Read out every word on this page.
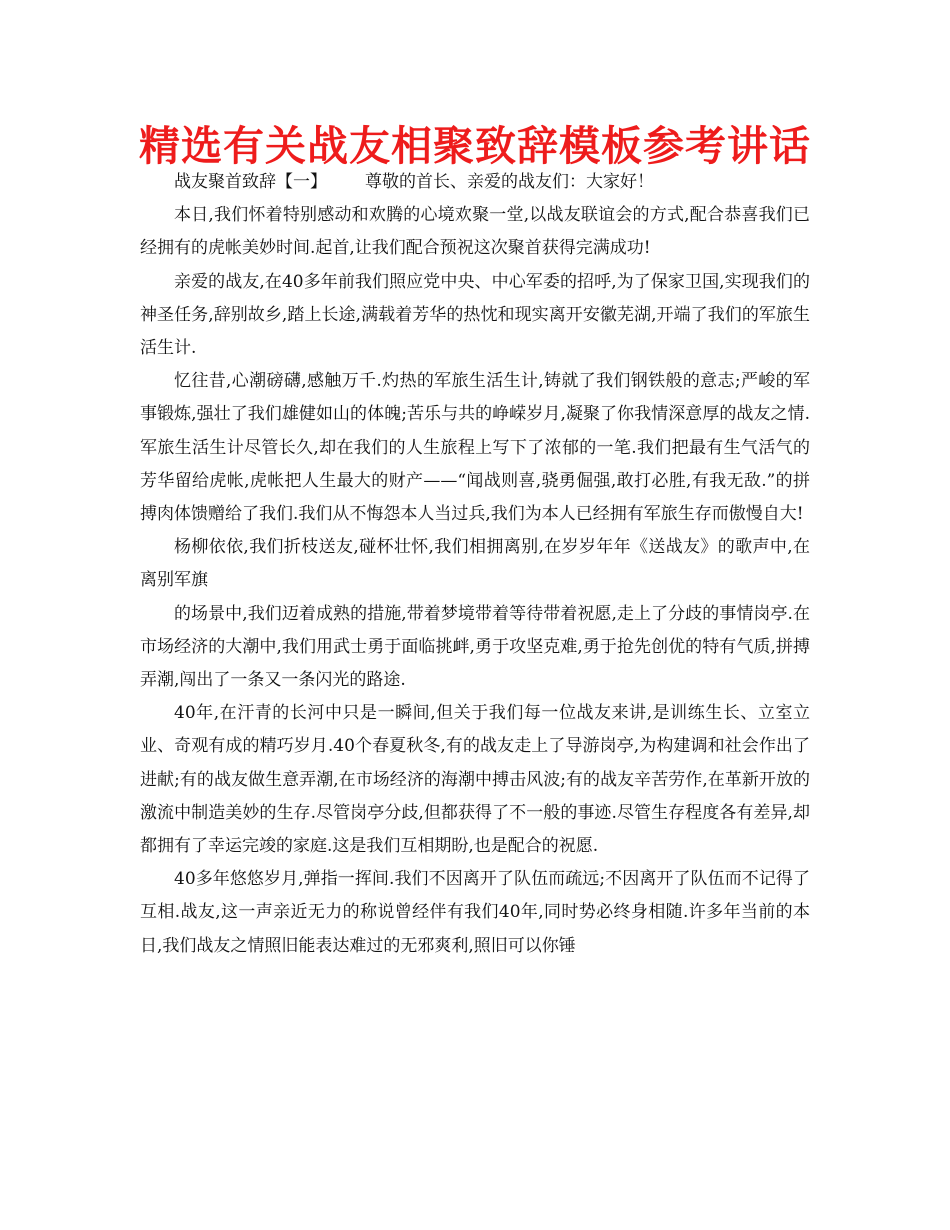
精选有关战友相聚致辞模板参考讲话
战友聚首致辞【一】 尊敬的首长、亲爱的战友们：大家好！

本日,我们怀着特别感动和欢腾的心境欢聚一堂,以战友联谊会的方式,配合恭喜我们已经拥有的虎帐美妙时间.起首,让我们配合预祝这次聚首获得完满成功!

亲爱的战友,在40多年前我们照应党中央、中心军委的招呼,为了保家卫国,实现我们的神圣任务,辞别故乡,踏上长途,满载着芳华的热忱和现实离开安徽芜湖,开端了我们的军旅生活生计.

忆往昔,心潮磅礴,感触万千.灼热的军旅生活生计,铸就了我们钢铁般的意志;严峻的军事锻炼,强壮了我们雄健如山的体魄;苦乐与共的峥嵘岁月,凝聚了你我情深意厚的战友之情.军旅生活生计尽管长久,却在我们的人生旅程上写下了浓郁的一笔.我们把最有生气活气的芳华留给虎帐,虎帐把人生最大的财产——“闻战则喜,骁勇倔强,敢打必胜,有我无敌.”的拼搏肉体馈赠给了我们.我们从不悔怨本人当过兵,我们为本人已经拥有军旅生存而傲慢自大!

杨柳依依,我们折枝送友,碰杯壮怀,我们相拥离别,在岁岁年年《送战友》的歌声中,在离别军旗

的场景中,我们迈着成熟的措施,带着梦境带着等待带着祝愿,走上了分歧的事情岗亭.在市场经济的大潮中,我们用武士勇于面临挑衅,勇于攻坚克难,勇于抢先创优的特有气质,拼搏弄潮,闯出了一条又一条闪光的路途.

40年,在汗青的长河中只是一瞬间,但关于我们每一位战友来讲,是训练生长、立室立业、奇观有成的精巧岁月.40个春夏秋冬,有的战友走上了导游岗亭,为构建调和社会作出了进献;有的战友做生意弄潮,在市场经济的海潮中搏击风波;有的战友辛苦劳作,在革新开放的激流中制造美妙的生存.尽管岗亭分歧,但都获得了不一般的事迹.尽管生存程度各有差异,却都拥有了幸运完竣的家庭.这是我们互相期盼,也是配合的祝愿.

40多年悠悠岁月,弹指一挥间.我们不因离开了队伍而疏远;不因离开了队伍而不记得了互相.战友,这一声亲近无力的称说曾经伴有我们40年,同时势必终身相随.许多年当前的本日,我们战友之情照旧能表达难过的无邪爽利,照旧可以你锤
